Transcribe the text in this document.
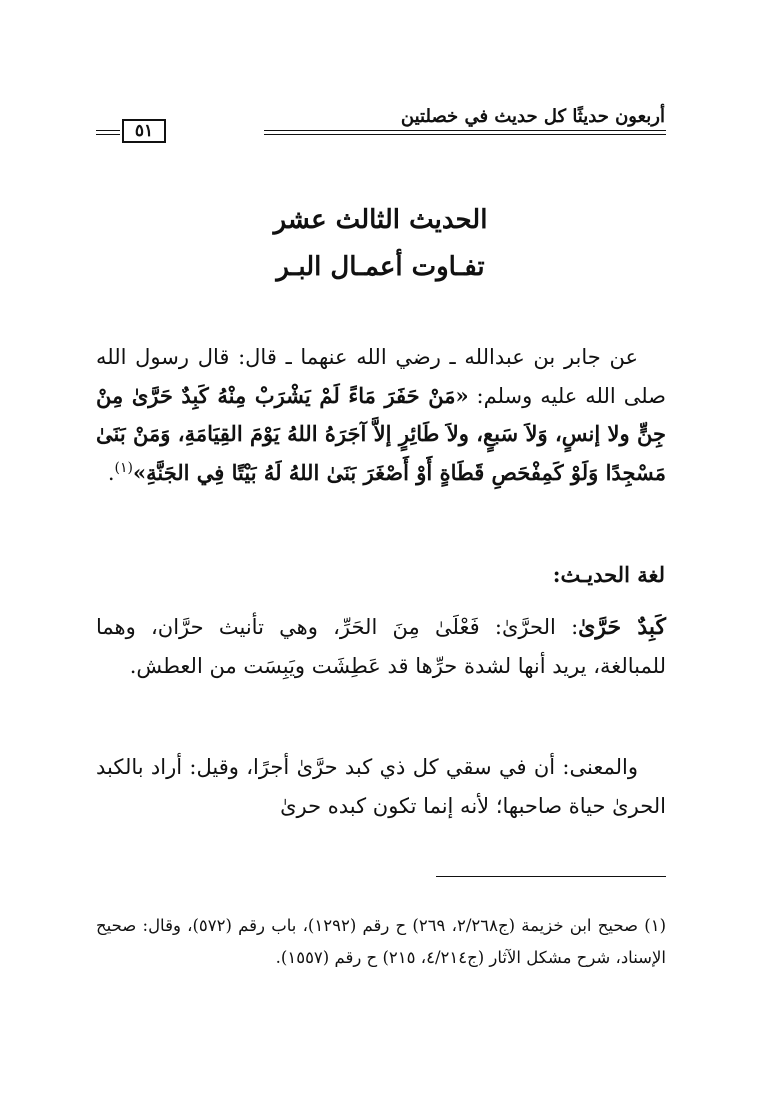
أربعون حديثًا كل حديث في خصلتين
٥١
الحديث الثالث عشر
تفـاوت أعمـال البـر
عن جابر بن عبدالله ـ رضي الله عنهما ـ قال: قال رسول الله صلى الله عليه وسلم: «مَنْ حَفَرَ مَاءً لَمْ يَشْرَبْ مِنْهُ كَبِدٌ حَرَّىٰ مِنْ جِنٍّ ولا إنسٍ، وَلاَ سَبعٍ، ولاَ طَائِرٍ إلاَّ آجَرَهُ اللهُ يَوْمَ القِيَامَةِ، وَمَنْ بَنَىٰ مَسْجِدًا وَلَوْ كَمِفْحَصِ قَطَاةٍ أَوْ أَصْغَرَ بَنَىٰ اللهُ لَهُ بَيْتًا فِي الجَنَّةِ»$^{(١)}$.
لغة الحديـث:
كَبِدٌ حَرَّىٰ: الحرَّىٰ: فَعْلَىٰ مِنَ الحَرِّ، وهي تأنيث حرَّان، وهما للمبالغة، يريد أنها لشدة حرِّها قد عَطِشَت ويَبِسَت من العطش.
والمعنى: أن في سقي كل ذي كبد حرَّىٰ أجرًا، وقيل: أراد بالكبد الحرىٰ حياة صاحبها؛ لأنه إنما تكون كبده حرىٰ
(١) صحيح ابن خزيمة (ج٢/٢٦٨، ٢٦٩) ح رقم (١٢٩٢)، باب رقم (٥٧٢)، وقال: صحيح الإسناد، شرح مشكل الآثار (ج٤/٢١٤، ٢١٥) ح رقم (١٥٥٧).
